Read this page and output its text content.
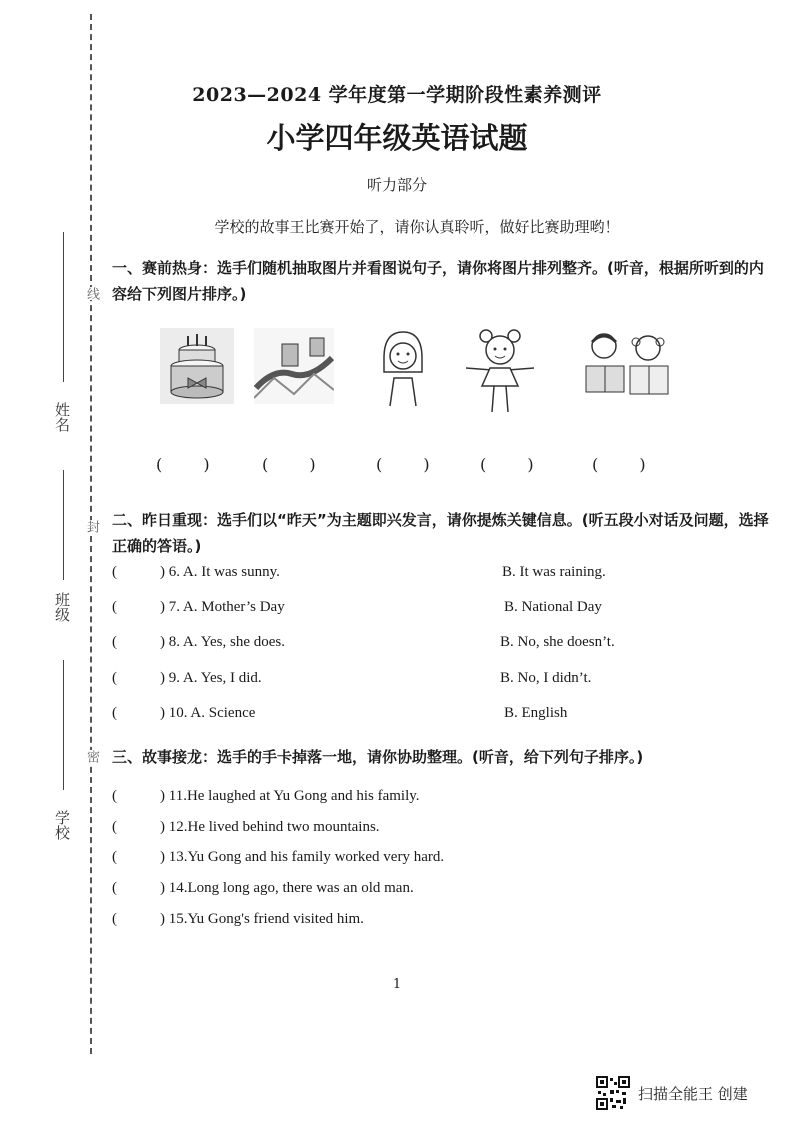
线
封
密
姓名
班级
学校
2023—2024 学年度第一学期阶段性素养测评
小学四年级英语试题
听力部分
学校的故事王比赛开始了，请你认真聆听，做好比赛助理哟！
一、赛前热身：选手们随机抽取图片并看图说句子，请你将图片排列整齐。(听音，根据所听到的内容给下列图片排序。)
( ) ( )	( ) ( )	( )
二、昨日重现：选手们以“昨天”为主题即兴发言，请你提炼关键信息。(听五段小对话及问题，选择正确的答语。)
(	) 6. A. It was sunny.	B. It was raining.
(	) 7. A. Mother’s Day	B. National Day
(	) 8. A. Yes, she does.	B. No, she doesn’t.
(	) 9. A. Yes, I did.	B. No, I didn’t.
(	) 10. A. Science	B. English
三、故事接龙：选手的手卡掉落一地，请你协助整理。(听音，给下列句子排序。)
(	) 11.He laughed at Yu Gong and his family.
(	) 12.He lived behind two mountains.
(	) 13.Yu Gong and his family worked very hard.
(	) 14.Long long ago, there was an old man.
(	) 15.Yu Gong's friend visited him.
1
扫描全能王 创建
